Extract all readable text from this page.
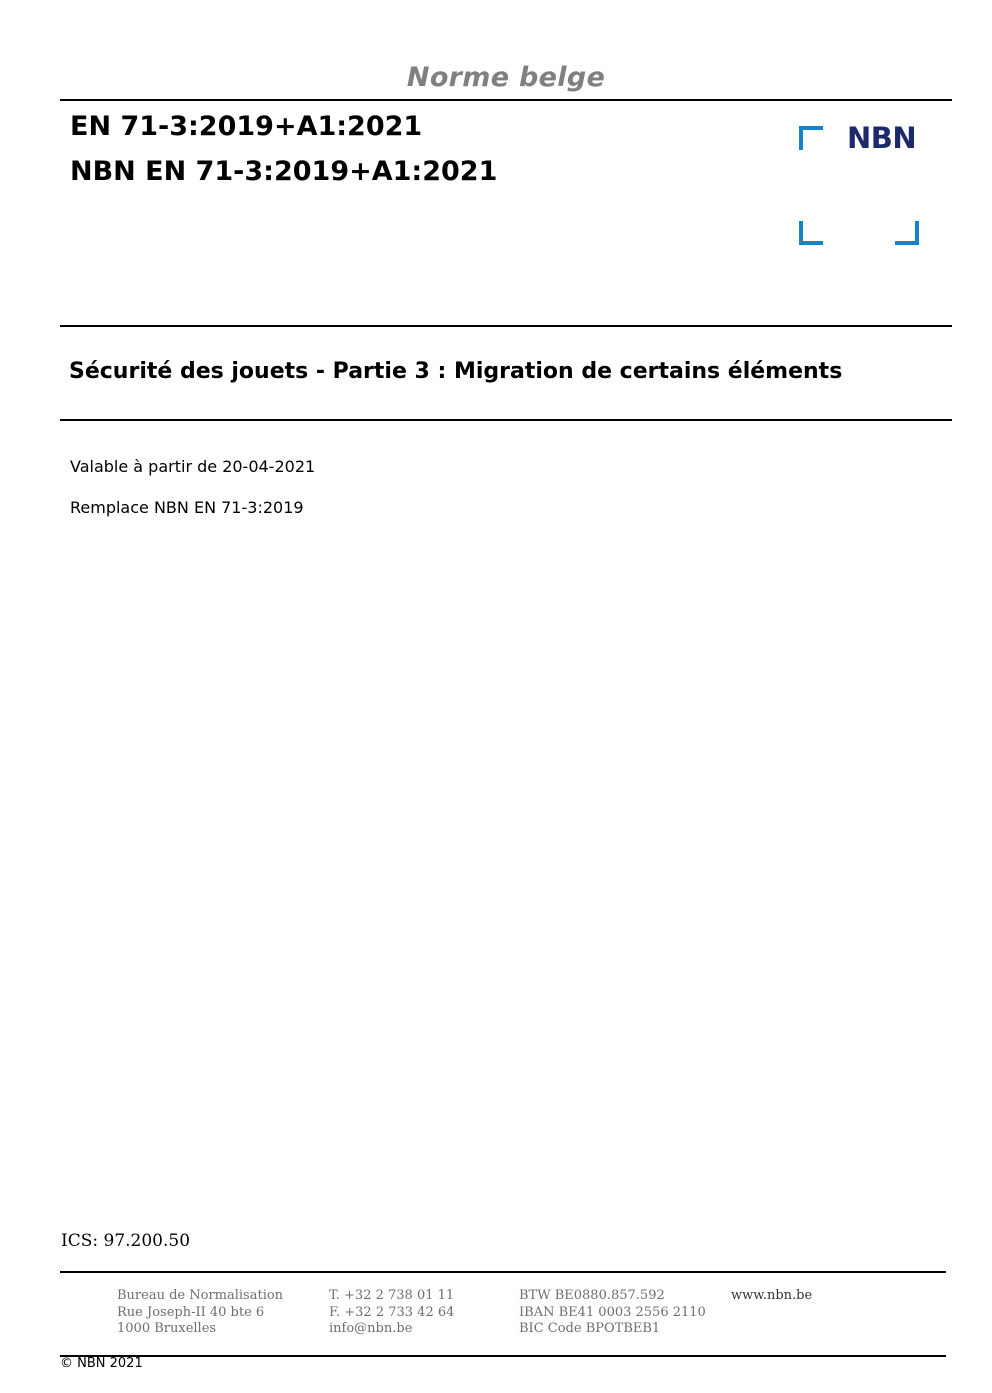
Norme belge
EN 71-3:2019+A1:2021
NBN EN 71-3:2019+A1:2021
NBN
Sécurité des jouets - Partie 3 : Migration de certains éléments
Valable à partir de 20-04-2021
Remplace NBN EN 71-3:2019
ICS: 97.200.50
Bureau de Normalisation
Rue Joseph-II 40 bte 6
1000 Bruxelles
T. +32 2 738 01 11
F. +32 2 733 42 64
info@nbn.be
BTW BE0880.857.592
IBAN BE41 0003 2556 2110
BIC Code BPOTBEB1
www.nbn.be
© NBN 2021
